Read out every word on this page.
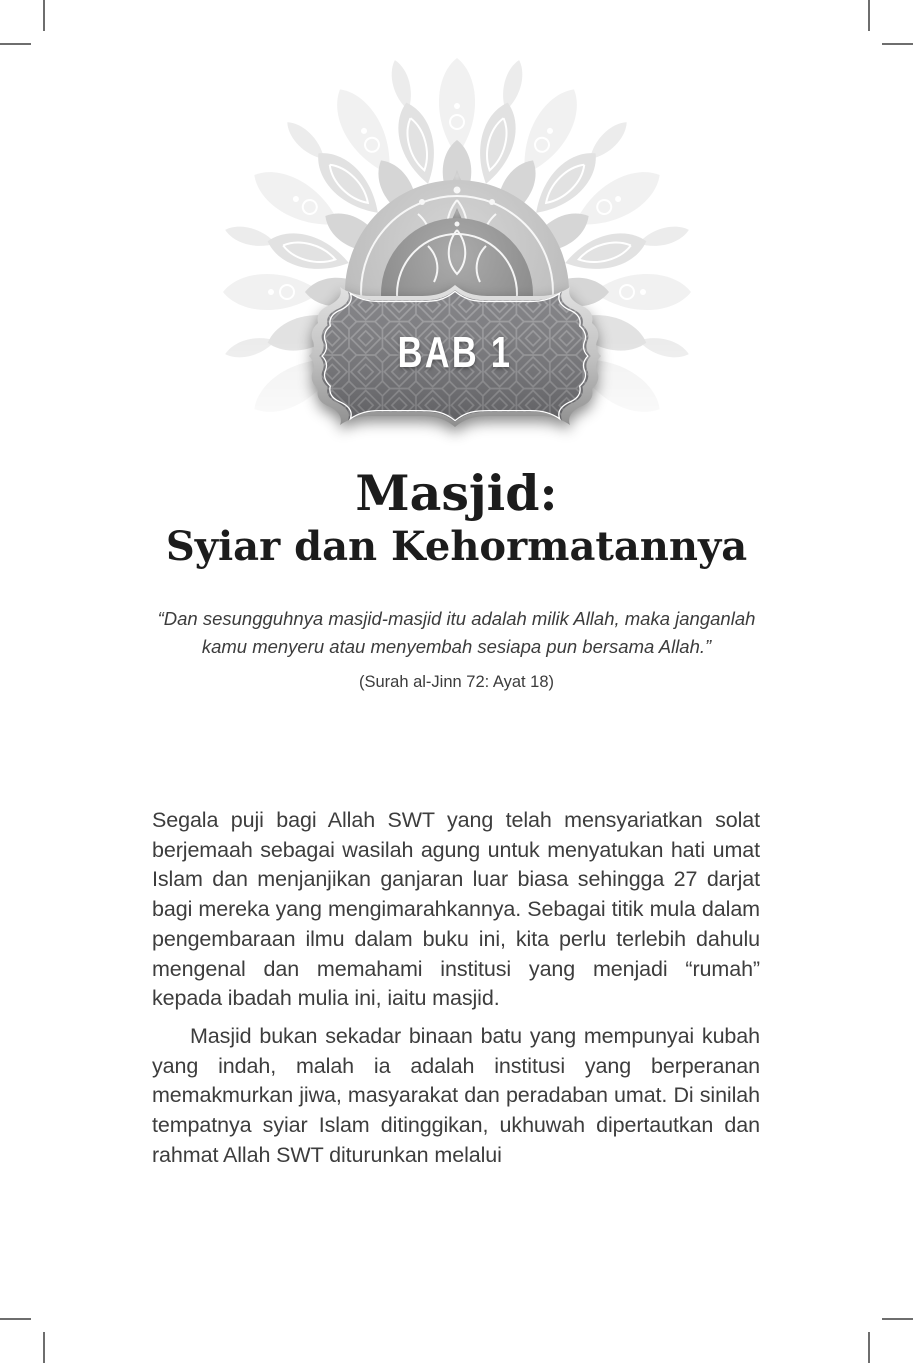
BAB 1
Masjid:
Syiar dan Kehormatannya
“Dan sesungguhnya masjid-masjid itu adalah milik Allah, maka janganlah
kamu menyeru atau menyembah sesiapa pun bersama Allah.”
(Surah al-Jinn 72: Ayat 18)

Segala puji bagi Allah SWT yang telah mensyariatkan solat berjemaah sebagai wasilah agung untuk menyatukan hati umat Islam dan menjanjikan ganjaran luar biasa sehingga 27 darjat bagi mereka yang mengimarahkannya. Sebagai titik mula dalam pengembaraan ilmu dalam buku ini, kita perlu terlebih dahulu mengenal dan memahami institusi yang menjadi “rumah” kepada ibadah mulia ini, iaitu masjid.

Masjid bukan sekadar binaan batu yang mempunyai kubah yang indah, malah ia adalah institusi yang berperanan memakmurkan jiwa, masyarakat dan peradaban umat. Di sinilah tempatnya syiar Islam ditinggikan, ukhuwah dipertautkan dan rahmat Allah SWT diturunkan melalui
